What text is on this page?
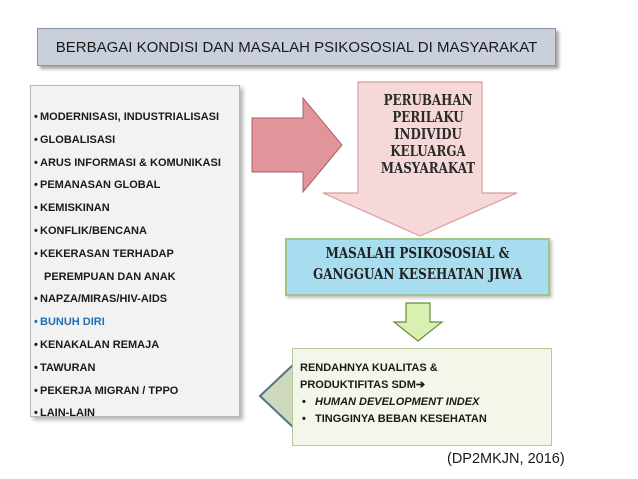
BERBAGAI KONDISI DAN MASALAH PSIKOSOSIAL DI MASYARAKAT
• MODERNISASI, INDUSTRIALISASI
• GLOBALISASI
• ARUS INFORMASI & KOMUNIKASI
• PEMANASAN GLOBAL
• KEMISKINAN
• KONFLIK/BENCANA
• KEKERASAN TERHADAP
PEREMPUAN DAN ANAK
• NAPZA/MIRAS/HIV-AIDS
• BUNUH DIRI
• KENAKALAN REMAJA
• TAWURAN
• PEKERJA MIGRAN / TPPO
• LAIN-LAIN
PERUBAHAN
PERILAKU
INDIVIDU
KELUARGA
MASYARAKAT
MASALAH PSIKOSOSIAL &
GANGGUAN KESEHATAN JIWA
RENDAHNYA KUALITAS &
PRODUKTIFITAS SDM➔
• HUMAN DEVELOPMENT INDEX
• TINGGINYA BEBAN KESEHATAN
(DP2MKJN, 2016)
